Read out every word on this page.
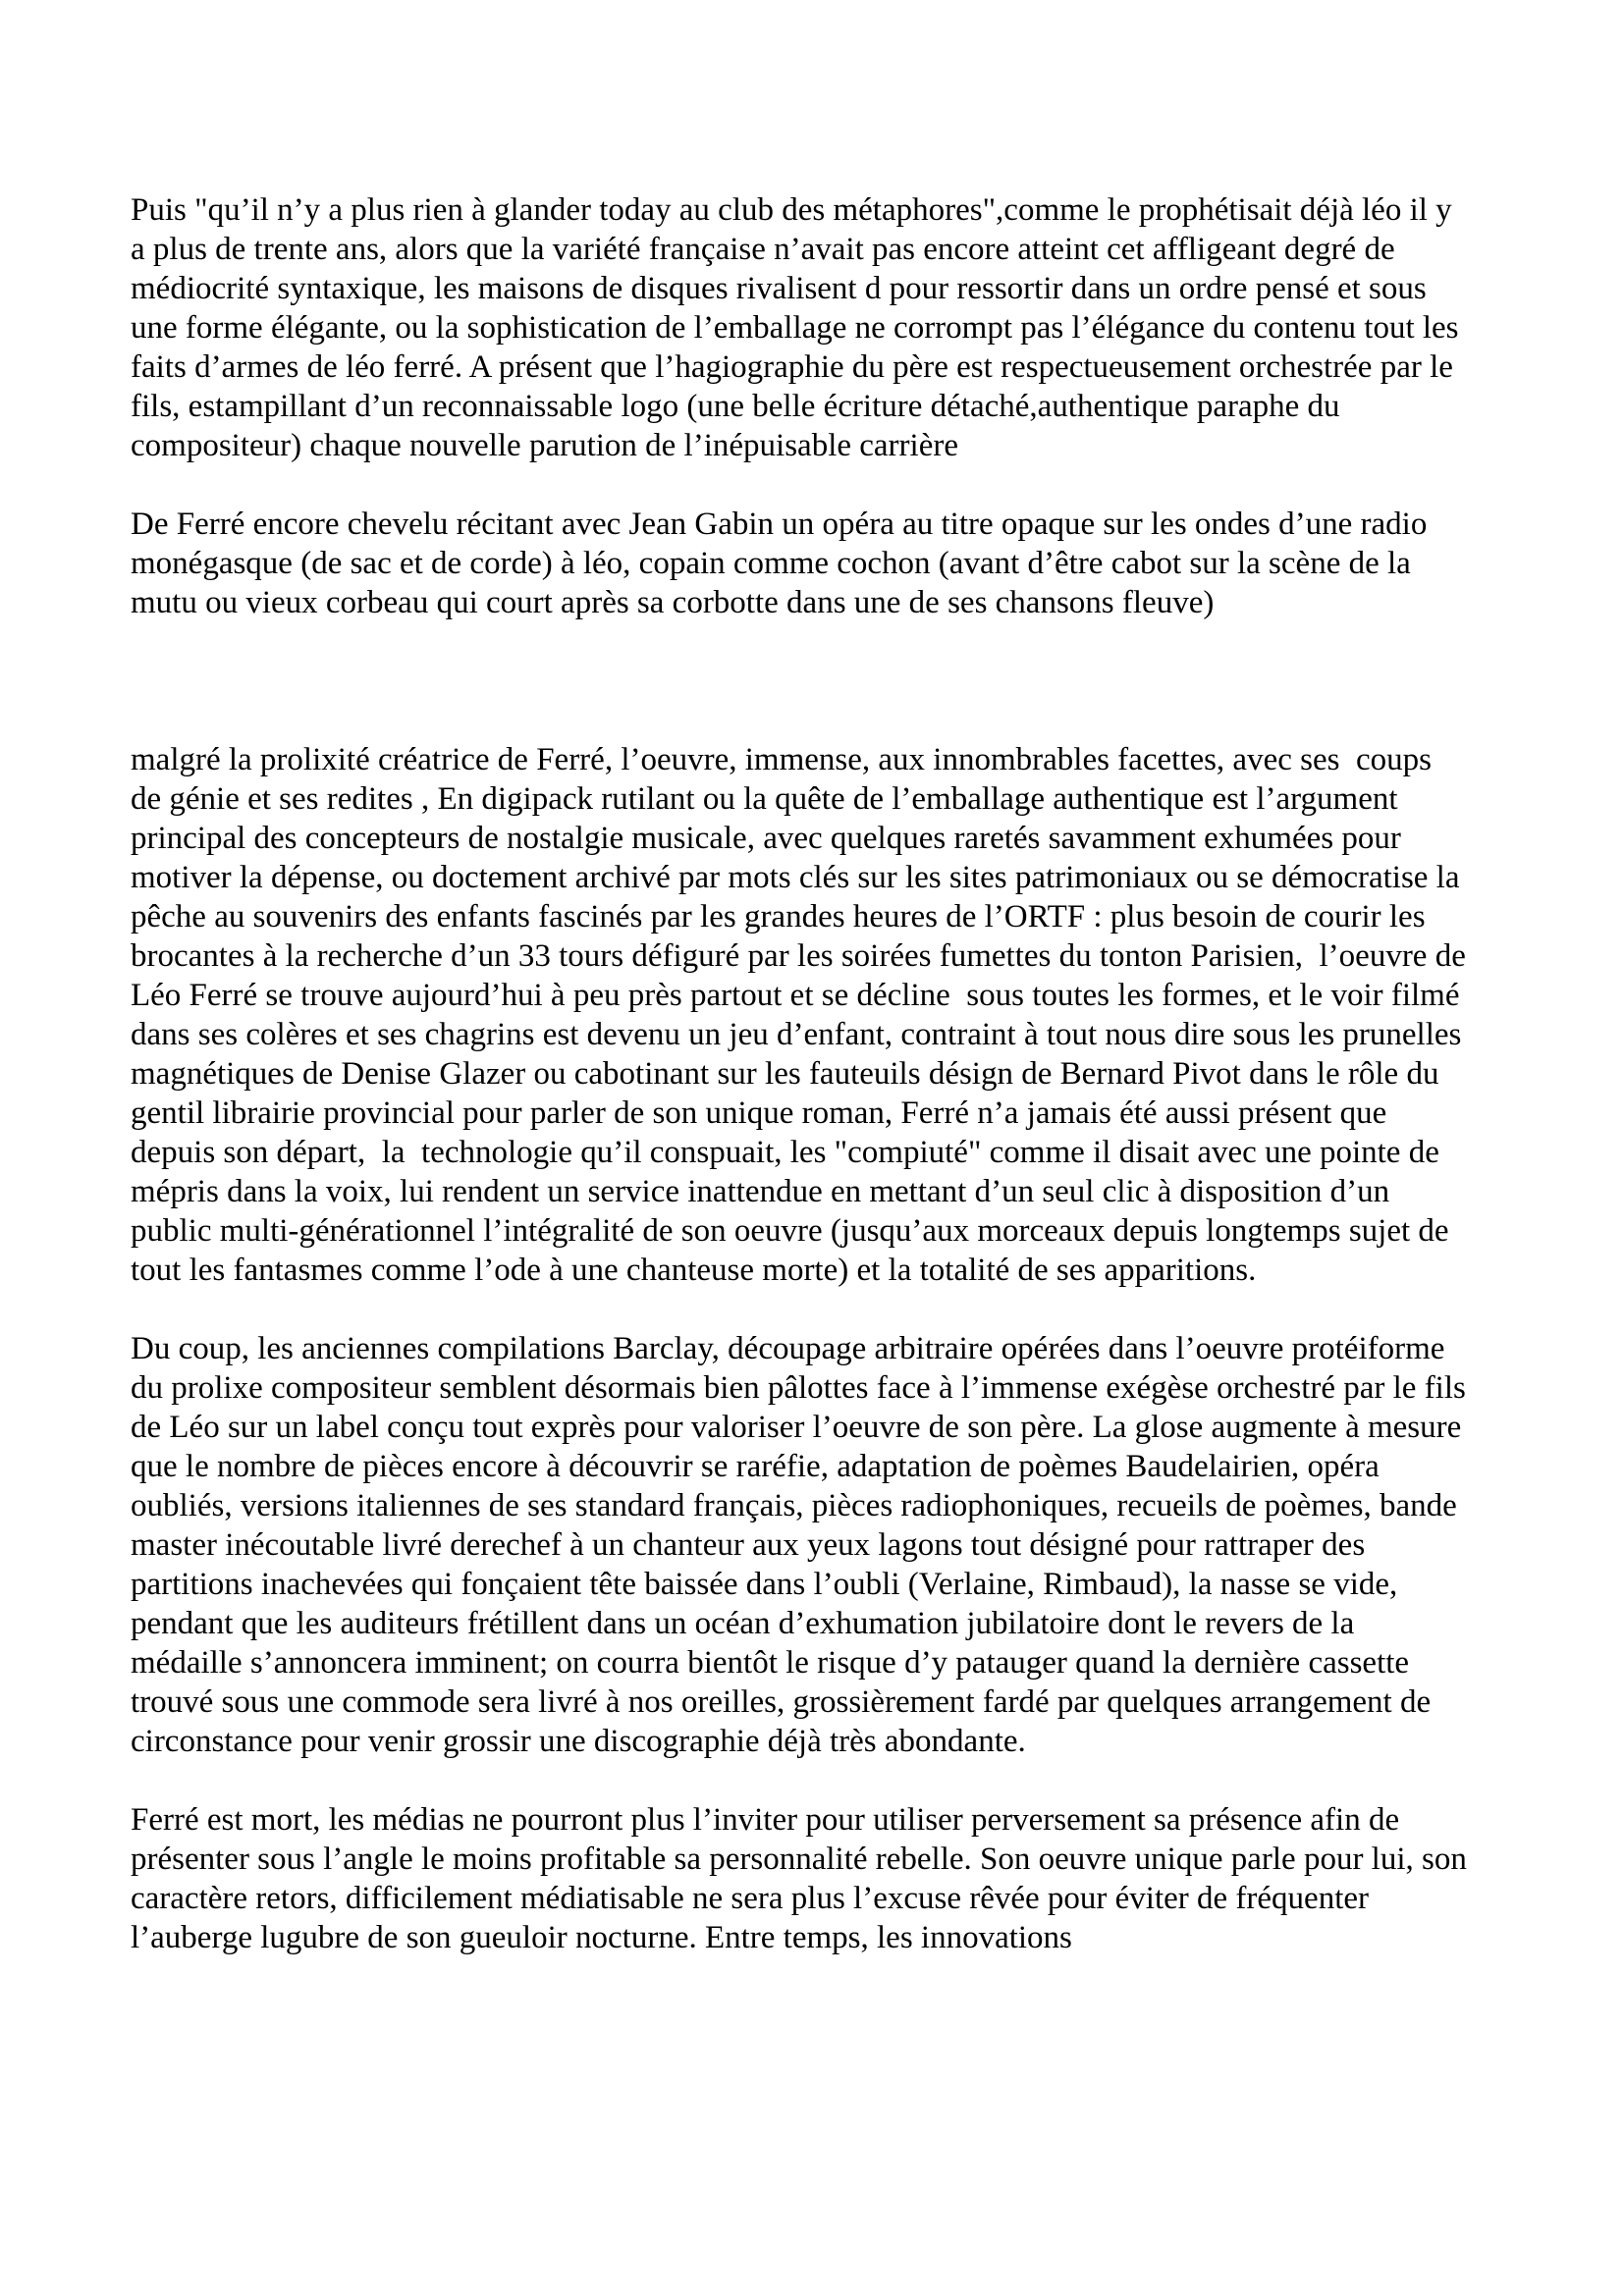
Puis "qu’il n’y a plus rien à glander today au club des métaphores",comme le prophétisait déjà léo il y a plus de trente ans, alors que la variété française n’avait pas encore atteint cet affligeant degré de médiocrité syntaxique, les maisons de disques rivalisent d pour ressortir dans un ordre pensé et sous une forme élégante, ou la sophistication de l’emballage ne corrompt pas l’élégance du contenu tout les faits d’armes de léo ferré. A présent que l’hagiographie du père est respectueusement orchestrée par le fils, estampillant d’un reconnaissable logo (une belle écriture détaché,authentique paraphe du compositeur) chaque nouvelle parution de l’inépuisable carrière

De Ferré encore chevelu récitant avec Jean Gabin un opéra au titre opaque sur les ondes d’une radio monégasque (de sac et de corde) à léo, copain comme cochon (avant d’être cabot sur la scène de la mutu ou vieux corbeau qui court après sa corbotte dans une de ses chansons fleuve)

malgré la prolixité créatrice de Ferré, l’oeuvre, immense, aux innombrables facettes, avec ses  coups de génie et ses redites , En digipack rutilant ou la quête de l’emballage authentique est l’argument principal des concepteurs de nostalgie musicale, avec quelques raretés savamment exhumées pour motiver la dépense, ou doctement archivé par mots clés sur les sites patrimoniaux ou se démocratise la pêche au souvenirs des enfants fascinés par les grandes heures de l’ORTF : plus besoin de courir les brocantes à la recherche d’un 33 tours défiguré par les soirées fumettes du tonton Parisien,  l’oeuvre de Léo Ferré se trouve aujourd’hui à peu près partout et se décline  sous toutes les formes, et le voir filmé dans ses colères et ses chagrins est devenu un jeu d’enfant, contraint à tout nous dire sous les prunelles magnétiques de Denise Glazer ou cabotinant sur les fauteuils désign de Bernard Pivot dans le rôle du gentil librairie provincial pour parler de son unique roman, Ferré n’a jamais été aussi présent que depuis son départ,  la  technologie qu’il conspuait, les "compiuté" comme il disait avec une pointe de mépris dans la voix, lui rendent un service inattendue en mettant d’un seul clic à disposition d’un public multi-générationnel l’intégralité de son oeuvre (jusqu’aux morceaux depuis longtemps sujet de tout les fantasmes comme l’ode à une chanteuse morte) et la totalité de ses apparitions.

Du coup, les anciennes compilations Barclay, découpage arbitraire opérées dans l’oeuvre protéiforme du prolixe compositeur semblent désormais bien pâlottes face à l’immense exégèse orchestré par le fils de Léo sur un label conçu tout exprès pour valoriser l’oeuvre de son père. La glose augmente à mesure que le nombre de pièces encore à découvrir se raréfie, adaptation de poèmes Baudelairien, opéra oubliés, versions italiennes de ses standard français, pièces radiophoniques, recueils de poèmes, bande master inécoutable livré derechef à un chanteur aux yeux lagons tout désigné pour rattraper des partitions inachevées qui fonçaient tête baissée dans l’oubli (Verlaine, Rimbaud), la nasse se vide, pendant que les auditeurs frétillent dans un océan d’exhumation jubilatoire dont le revers de la médaille s’annoncera imminent; on courra bientôt le risque d’y patauger quand la dernière cassette trouvé sous une commode sera livré à nos oreilles, grossièrement fardé par quelques arrangement de circonstance pour venir grossir une discographie déjà très abondante.

Ferré est mort, les médias ne pourront plus l’inviter pour utiliser perversement sa présence afin de présenter sous l’angle le moins profitable sa personnalité rebelle. Son oeuvre unique parle pour lui, son caractère retors, difficilement médiatisable ne sera plus l’excuse rêvée pour éviter de fréquenter l’auberge lugubre de son gueuloir nocturne. Entre temps, les innovations
